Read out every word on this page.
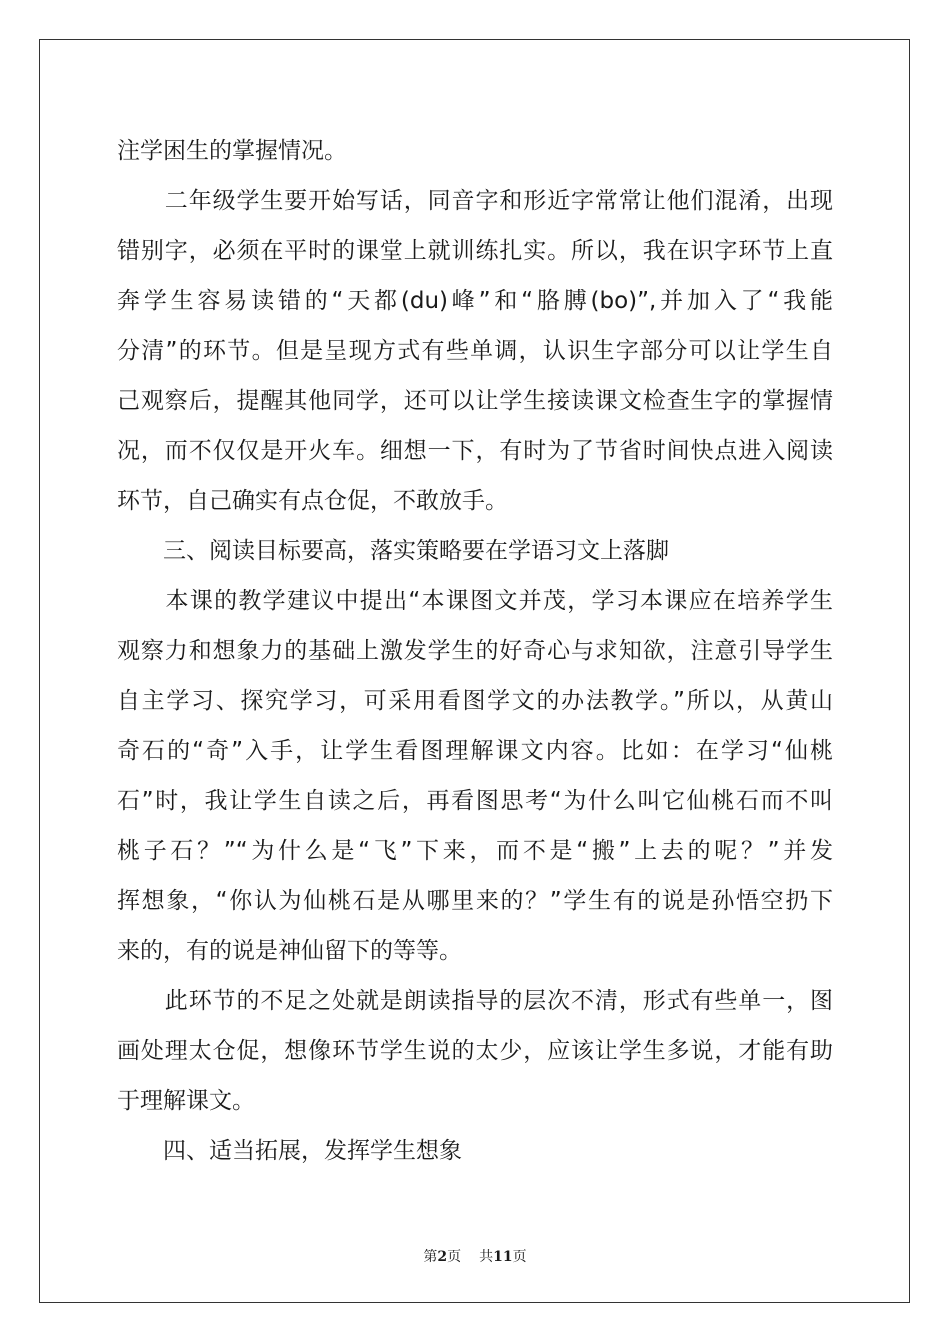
注学困生的掌握情况。
　　二年级学生要开始写话，同音字和形近字常常让他们混淆，出现
错别字，必须在平时的课堂上就训练扎实。所以，我在识字环节上直
奔学生容易读错的“天都(du)峰”和“胳膊(bo)”,并加入了“我能
分清”的环节。但是呈现方式有些单调，认识生字部分可以让学生自
己观察后，提醒其他同学，还可以让学生接读课文检查生字的掌握情
况，而不仅仅是开火车。细想一下，有时为了节省时间快点进入阅读
环节，自己确实有点仓促，不敢放手。
　　三、阅读目标要高，落实策略要在学语习文上落脚
　　本课的教学建议中提出“本课图文并茂，学习本课应在培养学生
观察力和想象力的基础上激发学生的好奇心与求知欲，注意引导学生
自主学习、探究学习，可采用看图学文的办法教学。”所以，从黄山
奇石的“奇”入手，让学生看图理解课文内容。比如：在学习“仙桃
石”时，我让学生自读之后，再看图思考“为什么叫它仙桃石而不叫
桃子石？”“为什么是“飞”下来，而不是“搬”上去的呢？”并发
挥想象，“你认为仙桃石是从哪里来的？”学生有的说是孙悟空扔下
来的，有的说是神仙留下的等等。
　　此环节的不足之处就是朗读指导的层次不清，形式有些单一，图
画处理太仓促，想像环节学生说的太少，应该让学生多说，才能有助
于理解课文。
　　四、适当拓展，发挥学生想象
第2页 共11页
